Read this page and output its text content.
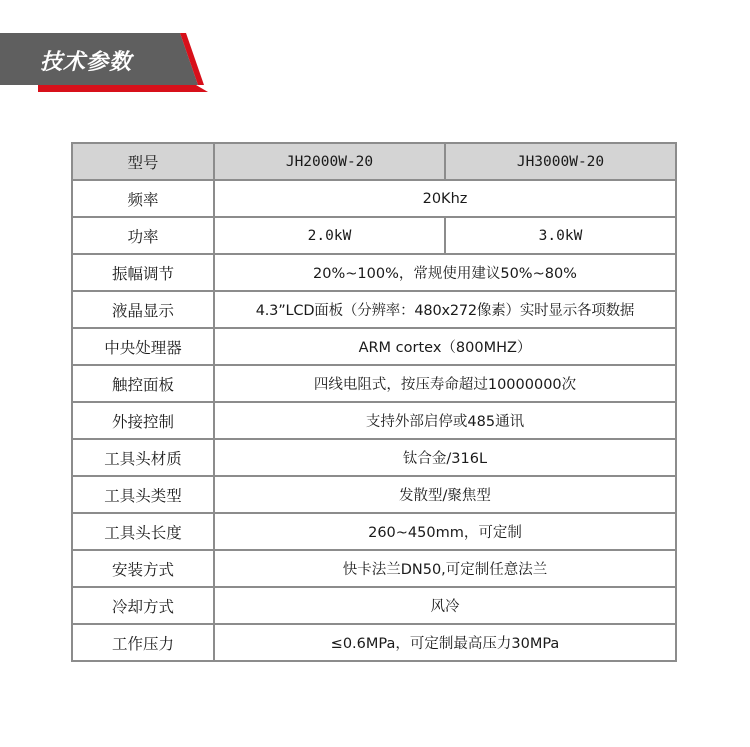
技术参数
型号	JH2000W-20	JH3000W-20
频率	20Khz	
功率	2.0kW	3.0kW
振幅调节	20%~100%，常规使用建议50%~80%	
液晶显示	4.3”LCD面板（分辨率：480x272像素）实时显示各项数据	
中央处理器	ARM cortex（800MHZ）	
触控面板	四线电阻式，按压寿命超过10000000次	
外接控制	支持外部启停或485通讯	
工具头材质	钛合金/316L	
工具头类型	发散型/聚焦型	
工具头长度	260~450mm，可定制	
安装方式	快卡法兰DN50,可定制任意法兰	
冷却方式	风冷	
工作压力	≤0.6MPa，可定制最高压力30MPa	
